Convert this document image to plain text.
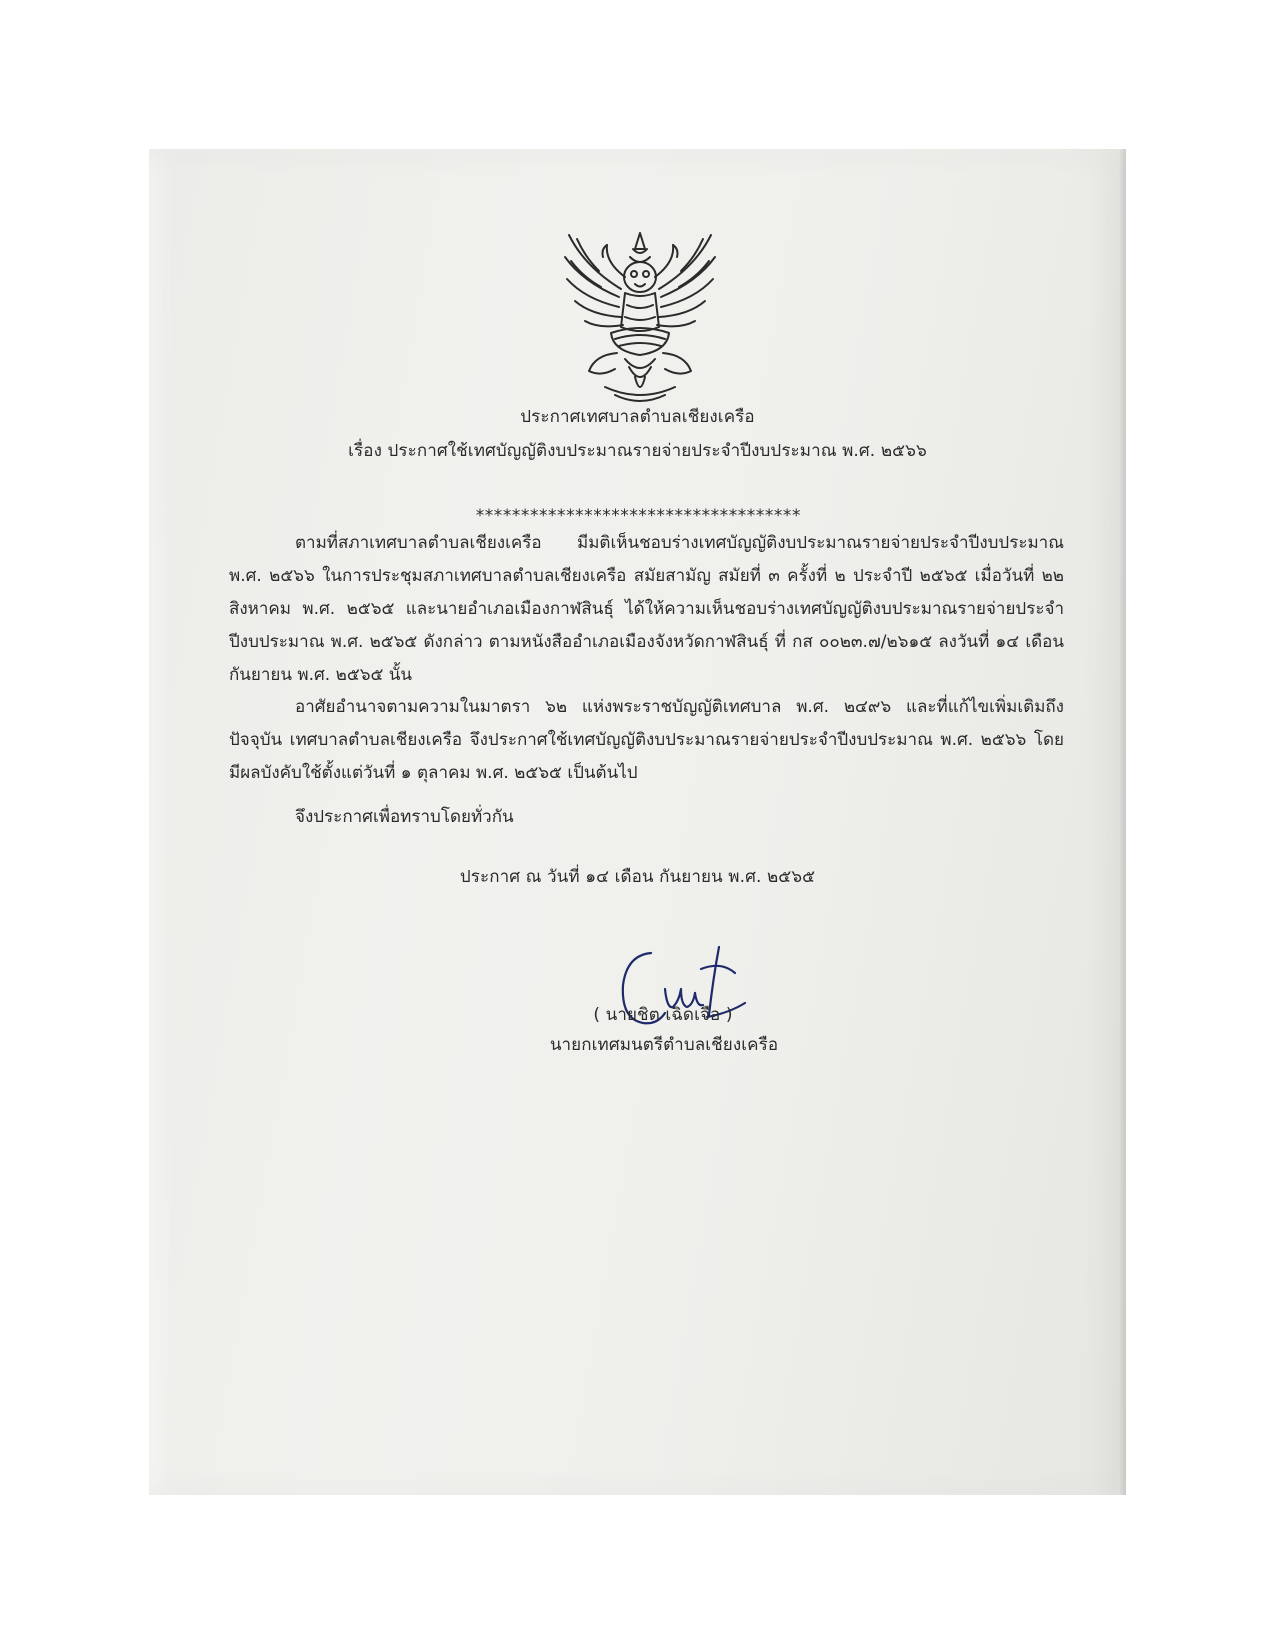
ประกาศเทศบาลตำบลเชียงเครือ
เรื่อง ประกาศใช้เทศบัญญัติงบประมาณรายจ่ายประจำปีงบประมาณ พ.ศ. ๒๕๖๖
************************************
ตามที่สภาเทศบาลตำบลเชียงเครือ มีมติเห็นชอบร่างเทศบัญญัติงบประมาณรายจ่ายประจำปีงบประมาณ พ.ศ. ๒๕๖๖ ในการประชุมสภาเทศบาลตำบลเชียงเครือ สมัยสามัญ สมัยที่ ๓ ครั้งที่ ๒ ประจำปี ๒๕๖๕ เมื่อวันที่ ๒๒ สิงหาคม พ.ศ. ๒๕๖๕ และนายอำเภอเมืองกาฬสินธุ์ ได้ให้ความเห็นชอบร่างเทศบัญญัติงบประมาณรายจ่ายประจำปีงบประมาณ พ.ศ. ๒๕๖๕ ดังกล่าว ตามหนังสืออำเภอเมืองจังหวัดกาฬสินธุ์ ที่ กส ๐๐๒๓.๗/๒๖๑๕ ลงวันที่ ๑๔ เดือน กันยายน พ.ศ. ๒๕๖๕ นั้น
อาศัยอำนาจตามความในมาตรา ๖๒ แห่งพระราชบัญญัติเทศบาล พ.ศ. ๒๔๙๖ และที่แก้ไขเพิ่มเติมถึงปัจจุบัน เทศบาลตำบลเชียงเครือ จึงประกาศใช้เทศบัญญัติงบประมาณรายจ่ายประจำปีงบประมาณ พ.ศ. ๒๕๖๖ โดยมีผลบังคับใช้ตั้งแต่วันที่ ๑ ตุลาคม พ.ศ. ๒๕๖๕ เป็นต้นไป
จึงประกาศเพื่อทราบโดยทั่วกัน
ประกาศ ณ วันที่ ๑๔ เดือน กันยายน พ.ศ. ๒๕๖๕
( นายชิต เฉิดเจือ )
นายกเทศมนตรีตำบลเชียงเครือ
